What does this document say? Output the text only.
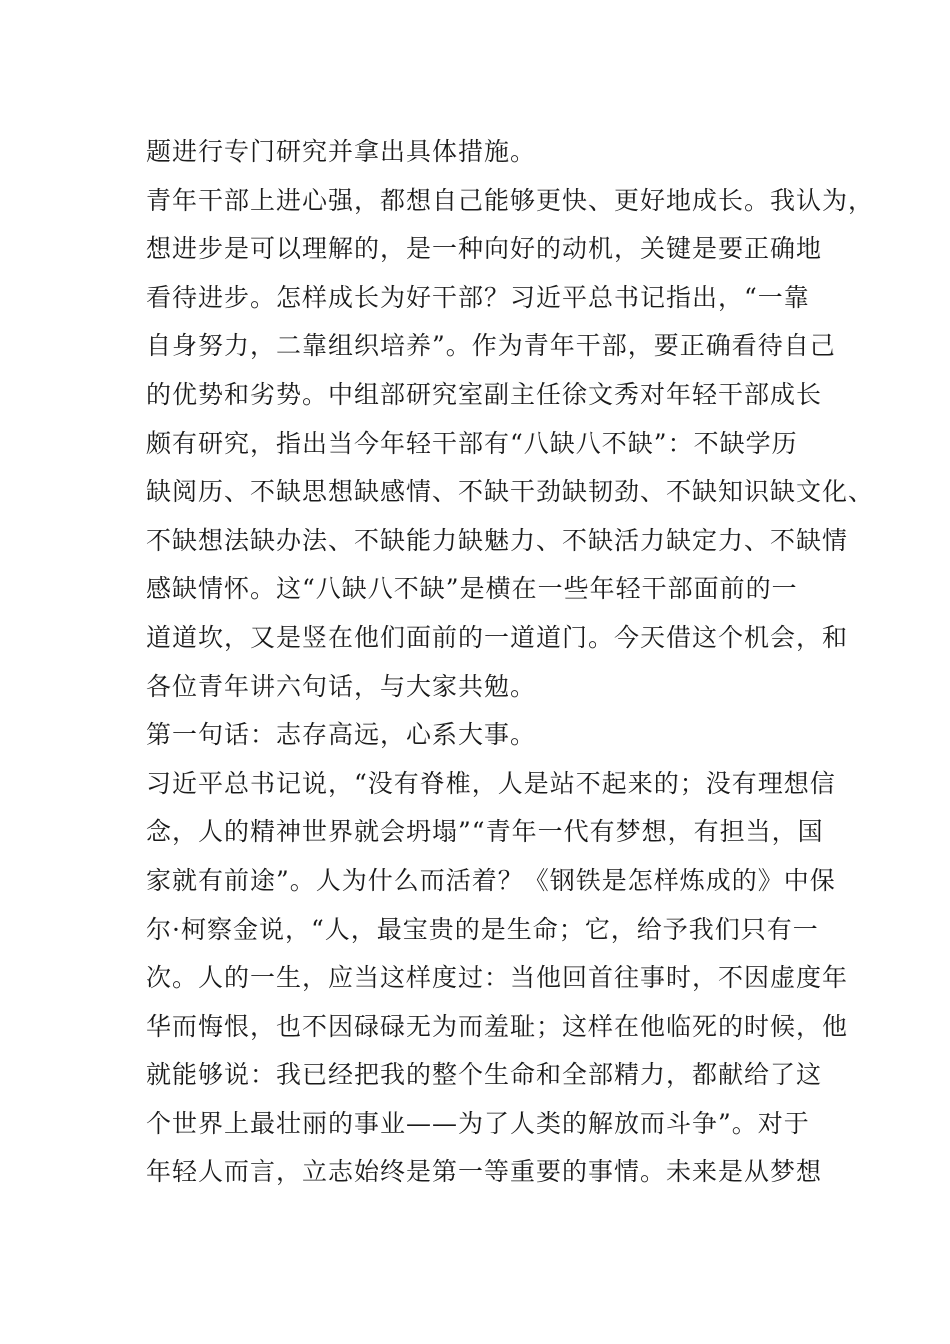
题进行专门研究并拿出具体措施。
青年干部上进心强，都想自己能够更快、更好地成长。我认为，
想进步是可以理解的，是一种向好的动机，关键是要正确地
看待进步。怎样成长为好干部？习近平总书记指出，“一靠
自身努力，二靠组织培养”。作为青年干部，要正确看待自己
的优势和劣势。中组部研究室副主任徐文秀对年轻干部成长
颇有研究，指出当今年轻干部有“八缺八不缺”：不缺学历
缺阅历、不缺思想缺感情、不缺干劲缺韧劲、不缺知识缺文化、
不缺想法缺办法、不缺能力缺魅力、不缺活力缺定力、不缺情
感缺情怀。这“八缺八不缺”是横在一些年轻干部面前的一
道道坎，又是竖在他们面前的一道道门。今天借这个机会，和
各位青年讲六句话，与大家共勉。
第一句话：志存高远，心系大事。
习近平总书记说，“没有脊椎，人是站不起来的；没有理想信
念，人的精神世界就会坍塌”“青年一代有梦想，有担当，国
家就有前途”。人为什么而活着？《钢铁是怎样炼成的》中保
尔·柯察金说，“人，最宝贵的是生命；它，给予我们只有一
次。人的一生，应当这样度过：当他回首往事时，不因虚度年
华而悔恨，也不因碌碌无为而羞耻；这样在他临死的时候，他
就能够说：我已经把我的整个生命和全部精力，都献给了这
个世界上最壮丽的事业——为了人类的解放而斗争”。对于
年轻人而言，立志始终是第一等重要的事情。未来是从梦想
